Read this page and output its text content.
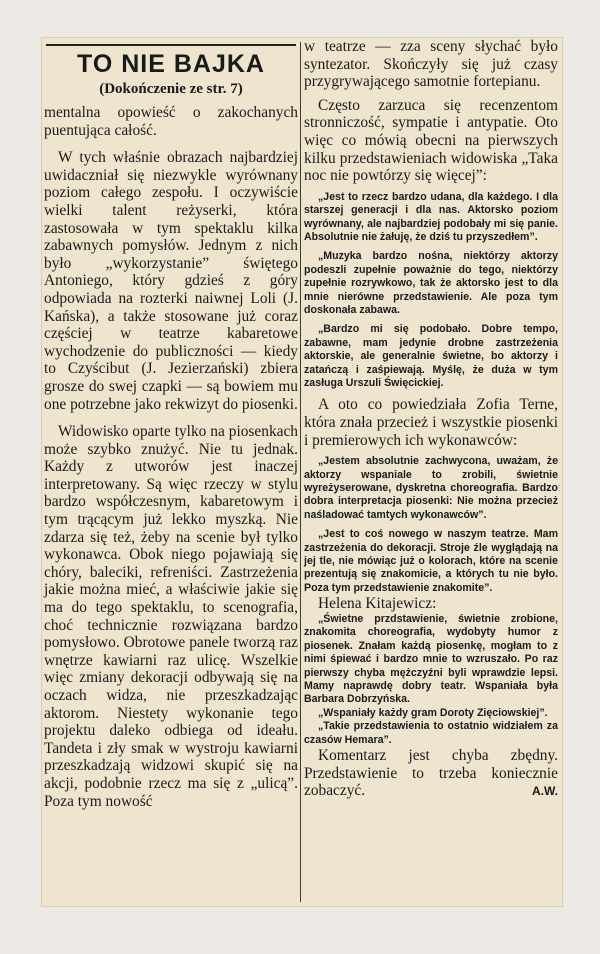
TO NIE BAJKA
(Dokończenie ze str. 7)

mentalna opowieść o zakochanych puentująca całość.

W tych właśnie obrazach najbardziej uwidaczniał się niezwykle wyrównany poziom całego zespołu. I oczywiście wielki talent reżyserki, która zastosowała w tym spektaklu kilka zabawnych pomysłów. Jednym z nich było „wykorzystanie” świętego Antoniego, który gdzieś z góry odpowiada na rozterki naiwnej Loli (J. Kańska), a także stosowane już coraz częściej w teatrze kabaretowe wychodzenie do publiczności — kiedy to Czyścibut (J. Jezierzański) zbiera grosze do swej czapki — są bowiem mu one potrzebne jako rekwizyt do piosenki.

Widowisko oparte tylko na piosenkach może szybko znużyć. Nie tu jednak. Każdy z utworów jest inaczej interpretowany. Są więc rzeczy w stylu bardzo współczesnym, kabaretowym i tym trącącym już lekko myszką. Nie zdarza się też, żeby na scenie był tylko wykonawca. Obok niego pojawiają się chóry, baleciki, refreniści. Zastrzeżenia jakie można mieć, a właściwie jakie się ma do tego spektaklu, to scenografia, choć technicznie rozwiązana bardzo pomysłowo. Obrotowe panele tworzą raz wnętrze kawiarni raz ulicę. Wszelkie więc zmiany dekoracji odbywają się na oczach widza, nie przeszkadzając aktorom. Niestety wykonanie tego projektu daleko odbiega od ideału. Tandeta i zły smak w wystroju kawiarni przeszkadzają widzowi skupić się na akcji, podobnie rzecz ma się z „ulicą”. Poza tym nowość

w teatrze — zza sceny słychać było syntezator. Skończyły się już czasy przygrywającego samotnie fortepianu.

Często zarzuca się recenzentom stronniczość, sympatie i antypatie. Oto więc co mówią obecni na pierwszych kilku przedstawieniach widowiska „Taka noc nie powtórzy się więcej”:

„Jest to rzecz bardzo udana, dla każdego. I dla starszej generacji i dla nas. Aktorsko poziom wyrównany, ale najbardziej podobały mi się panie. Absolutnie nie żałuję, że dziś tu przyszedłem”.

„Muzyka bardzo nośna, niektórzy aktorzy podeszli zupełnie poważnie do tego, niektórzy zupełnie rozrywkowo, tak że aktorsko jest to dla mnie nierówne przedstawienie. Ale poza tym doskonała zabawa.

„Bardzo mi się podobało. Dobre tempo, zabawne, mam jedynie drobne zastrzeżenia aktorskie, ale generalnie świetne, bo aktorzy i zatańczą i zaśpiewają. Myślę, że duża w tym zasługa Urszuli Święcickiej.

A oto co powiedziała Zofia Terne, która znała przecież i wszystkie piosenki i premierowych ich wykonawców:

„Jestem absolutnie zachwycona, uważam, że aktorzy wspaniale to zrobili, świetnie wyreżyserowane, dyskretna choreografia. Bardzo dobra interpretacja piosenki: Nie można przecież naśladować tamtych wykonawców”.

„Jest to coś nowego w naszym teatrze. Mam zastrzeżenia do dekoracji. Stroje źle wyglądają na jej tle, nie mówiąc już o kolorach, które na scenie prezentują się znakomicie, a których tu nie było. Poza tym przedstawienie znakomite”.

Helena Kitajewicz:

„Świetne przdstawienie, świetnie zrobione, znakomita choreografia, wydobyty humor z piosenek. Znałam każdą piosenkę, mogłam to z nimi śpiewać i bardzo mnie to wzruszało. Po raz pierwszy chyba mężczyźni byli wprawdzie lepsi. Mamy naprawdę dobry teatr. Wspaniała była Barbara Dobrzyńska.

„Wspaniały każdy gram Doroty Zięciowskiej”.

„Takie przedstawienia to ostatnio widziałem za czasów Hemara”.

Komentarz jest chyba zbędny. Przedstawienie to trzeba koniecznie zobaczyć.	A.W.
